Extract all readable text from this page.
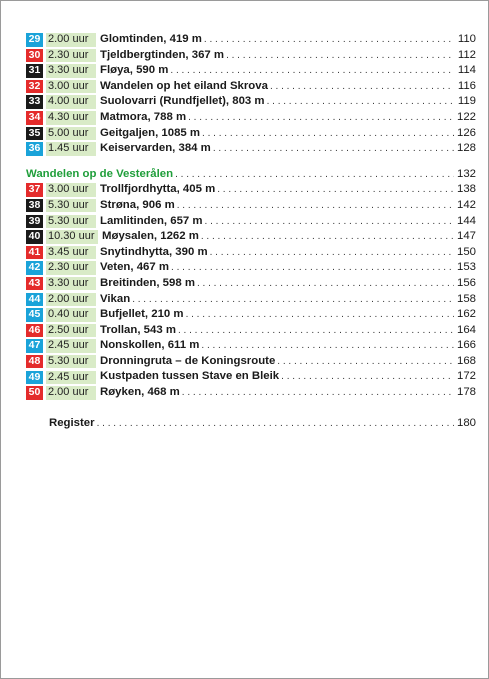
29 2.00 uur	Glomtinden, 419 m . . .	110
30 2.30 uur	Tjeldbergtinden, 367 m . . .	112
31 3.30 uur	Fløya, 590 m . . .	114
32 3.00 uur	Wandelen op het eiland Skrova . . .	116
33 4.00 uur	Suolovarri (Rundfjellet), 803 m . . .	119
34 4.30 uur	Matmora, 788 m . . .	122
35 5.00 uur	Geitgaljen, 1085 m . . .	126
36 1.45 uur	Keiservarden, 384 m . . .	128
Wandelen op de Vesterålen . . .	132
37 3.00 uur	Trollfjordhytta, 405 m . . .	138
38 5.30 uur	Strøna, 906 m . . .	142
39 5.30 uur	Lamlitinden, 657 m . . .	144
40 10.30 uur Møysalen, 1262 m . . .	147
41 3.45 uur	Snytindhytta, 390 m . . .	150
42 2.30 uur	Veten, 467 m . . .	153
43 3.30 uur	Breitinden, 598 m . . .	156
44 2.00 uur	Vikan . . .	158
45 0.40 uur	Bufjellet, 210 m . . .	162
46 2.50 uur	Trollan, 543 m . . .	164
47 2.45 uur	Nonskollen, 611 m . . .	166
48 5.30 uur	Dronningruta – de Koningsroute . . .	168
49 2.45 uur	Kustpaden tussen Stave en Bleik . . .	172
50 2.00 uur	Røyken, 468 m . . .	178
Register . . .	180
